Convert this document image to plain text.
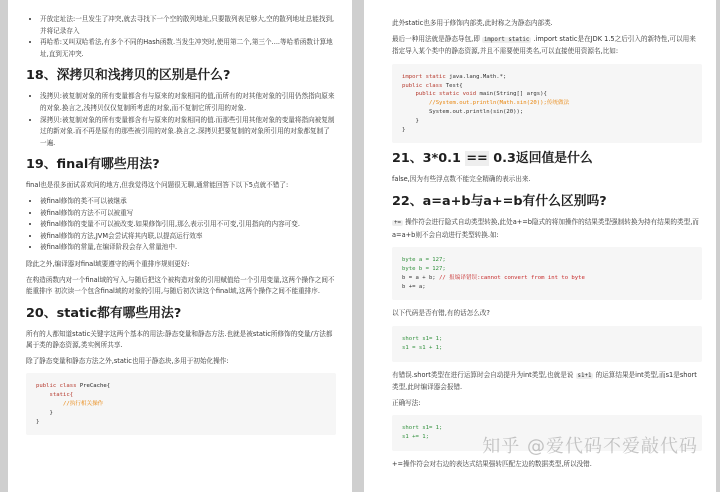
• 开放定址法:一旦发生了冲突,就去寻找下一个空的散列地址,只要散列表足够大,空的散列地址总能找到,并将记录存入
• 再哈希:又叫双哈希法,有多个不同的Hash函数.当发生冲突时,使用第二个,第三个....等哈希函数计算地址,直到无冲突.
18、深拷贝和浅拷贝的区别是什么?
• 浅拷贝:被复制对象的所有变量都含有与原来的对象相同的值,而所有的对其他对象的引用仍然指向原来的对象.换言之,浅拷贝仅仅复制所考虑的对象,而不复制它所引用的对象.
• 深拷贝:被复制对象的所有变量都含有与原来的对象相同的值.而那些引用其他对象的变量将指向被复制过的新对象.而不再是原有的那些被引用的对象.换言之.深拷贝把要复制的对象所引用的对象都复制了一遍.
19、final有哪些用法?

final也是很多面试喜欢问的地方,但我觉得这个问题很无聊,通常能回答下以下5点就不错了:

• 被final修饰的类不可以被继承
• 被final修饰的方法不可以被重写
• 被final修饰的变量不可以被改变.如果修饰引用,那么表示引用不可变,引用指向的内容可变.
• 被final修饰的方法,JVM会尝试将其内联,以提高运行效率
• 被final修饰的常量,在编译阶段会存入常量池中.

除此之外,编译器对final域要遵守的两个重排序规则更好:

在构造函数内对一个final域的写入,与随后把这个被构造对象的引用赋值给一个引用变量,这两个操作之间不能重排序 初次读一个包含final域的对象的引用,与随后初次读这个final域,这两个操作之间不能重排序.

20、static都有哪些用法?

所有的人都知道static关键字这两个基本的用法:静态变量和静态方法.也就是被static所修饰的变量/方法都属于类的静态资源,类实例所共享.

除了静态变量和静态方法之外,static也用于静态块,多用于初始化操作:

public class PreCache{
static{
//执行相关操作
}
}

此外static也多用于修饰内部类,此时称之为静态内部类.

最后一种用法就是静态导包,即 import static .import static是在JDK 1.5之后引入的新特性,可以用来指定导入某个类中的静态资源,并且不需要使用类名,可以直接使用资源名,比如:

import static java.lang.Math.*;
public class Test{
public static void main(String[] args){
//System.out.println(Math.sin(20));传统做法
System.out.println(sin(20));
}
}
21、3*0.1 == 0.3返回值是什么

false,因为有些浮点数不能完全精确的表示出来.

22、a=a+b与a+=b有什么区别吗?

+= 操作符会进行隐式自动类型转换,此处a+=b隐式的将加操作的结果类型强制转换为持有结果的类型,而a=a+b则不会自动进行类型转换.如:

byte a = 127;
byte b = 127;
b = a + b; // 报编译错误:cannot convert from int to byte
b += a;

以下代码是否有错,有的话怎么改?

short s1= 1;
s1 = s1 + 1;

有错误.short类型在进行运算时会自动提升为int类型,也就是说 s1+1 的运算结果是int类型,而s1是short类型,此时编译器会报错.

正确写法:

short s1= 1;
s1 += 1;

+=操作符会对右边的表达式结果强转匹配左边的数据类型,所以没错.

知乎 @爱代码不爱敲代码
